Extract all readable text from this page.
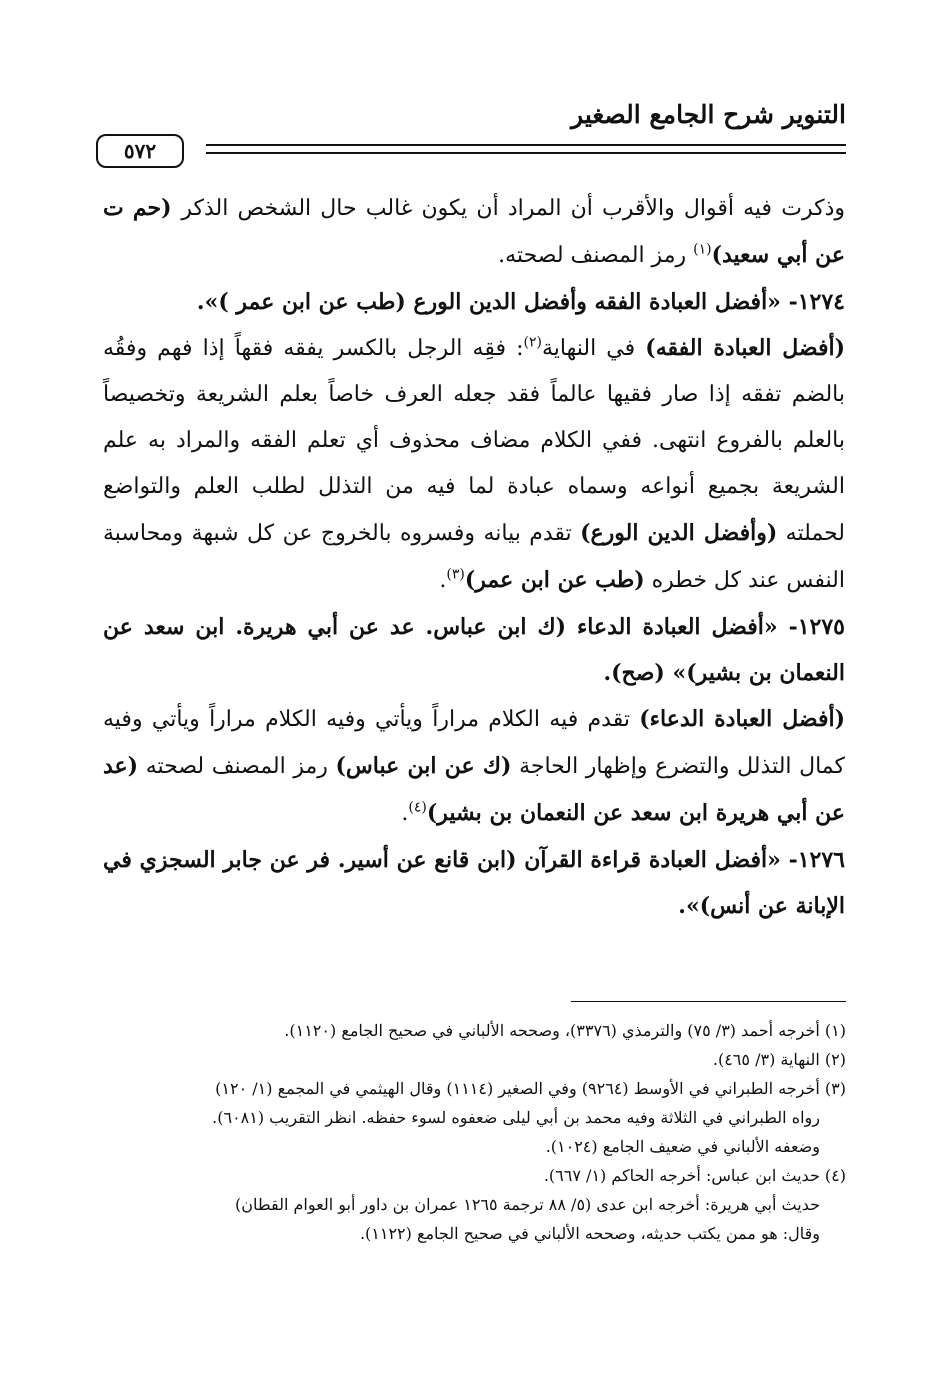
التنوير شرح الجامع الصغير
٥٧٢

وذكرت فيه أقوال والأقرب أن المراد أن يكون غالب حال الشخص الذكر (حم ت عن أبي سعيد)$^{(١)}$ رمز المصنف لصحته.

١٢٧٤- «أفضل العبادة الفقه وأفضل الدين الورع (طب عن ابن عمر )».

(أفضل العبادة الفقه) في النهاية$^{(٢)}$: فقِه الرجل بالكسر يفقه فقهاً إذا فهم وفقُه بالضم تفقه إذا صار فقيها عالماً فقد جعله العرف خاصاً بعلم الشريعة وتخصيصاً بالعلم بالفروع انتهى. ففي الكلام مضاف محذوف أي تعلم الفقه والمراد به علم الشريعة بجميع أنواعه وسماه عبادة لما فيه من التذلل لطلب العلم والتواضع لحملته (وأفضل الدين الورع) تقدم بيانه وفسروه بالخروج عن كل شبهة ومحاسبة النفس عند كل خطره (طب عن ابن عمر)$^{(٣)}$.

١٢٧٥- «أفضل العبادة الدعاء (ك ابن عباس. عد عن أبي هريرة. ابن سعد عن النعمان بن بشير)» (صح).

(أفضل العبادة الدعاء) تقدم فيه الكلام مراراً ويأتي وفيه الكلام مراراً ويأتي وفيه كمال التذلل والتضرع وإظهار الحاجة (ك عن ابن عباس) رمز المصنف لصحته (عد عن أبي هريرة ابن سعد عن النعمان بن بشير)$^{(٤)}$.

١٢٧٦- «أفضل العبادة قراءة القرآن (ابن قانع عن أسير. فر عن جابر السجزي في الإبانة عن أنس)».

(١) أخرجه أحمد (٣/ ٧٥) والترمذي (٣٣٧٦)، وصححه الألباني في صحيح الجامع (١١٢٠).

(٢) النهاية (٣/ ٤٦٥).

(٣) أخرجه الطبراني في الأوسط (٩٢٦٤) وفي الصغير (١١١٤) وقال الهيثمي في المجمع (١/ ١٢٠)

رواه الطبراني في الثلاثة وفيه محمد بن أبي ليلى ضعفوه لسوء حفظه. انظر التقريب (٦٠٨١).

وضعفه الألباني في ضعيف الجامع (١٠٢٤).

(٤) حديث ابن عباس: أخرجه الحاكم (١/ ٦٦٧).

حديث أبي هريرة: أخرجه ابن عدى (٥/ ٨٨ ترجمة ١٢٦٥ عمران بن داور أبو العوام القطان)

وقال: هو ممن يكتب حديثه، وصححه الألباني في صحيح الجامع (١١٢٢).
